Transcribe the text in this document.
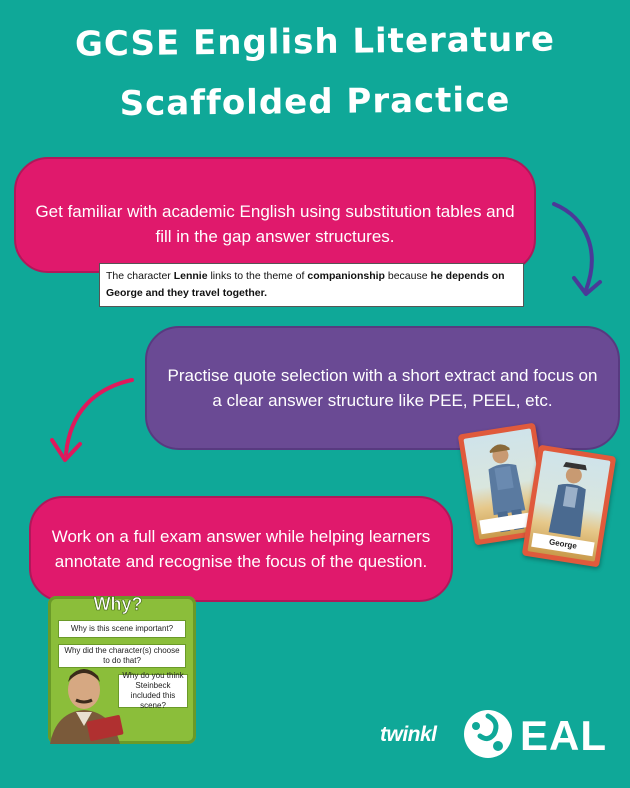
GCSE English Literature
Scaffolded Practice
Get familiar with academic English using substitution tables and fill in the gap answer structures.
The character Lennie links to the theme of companionship because he depends on George and they travel together.
Practise quote selection with a short extract and focus on a clear answer structure like PEE, PEEL, etc.
George
Work on a full exam answer while helping learners annotate and recognise the focus of the question.
Why?
Why is this scene important?
Why did the character(s) choose to do that?
Why do you think Steinbeck included this scene?
twinkl EAL
